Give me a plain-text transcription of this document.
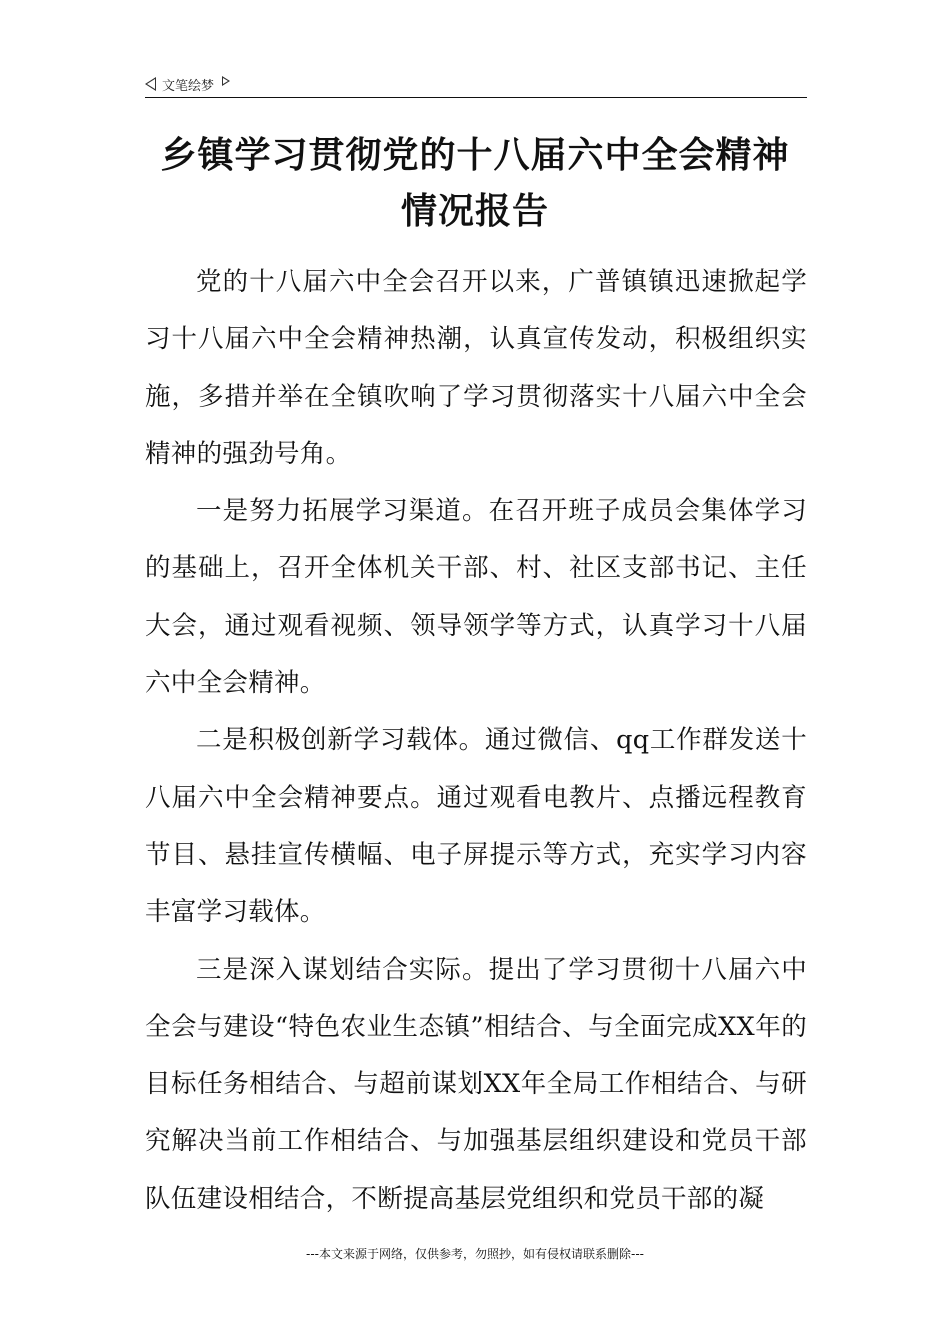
文笔绘梦
乡镇学习贯彻党的十八届六中全会精神
情况报告

党的十八届六中全会召开以来，广普镇镇迅速掀起学习十八届六中全会精神热潮，认真宣传发动，积极组织实施，多措并举在全镇吹响了学习贯彻落实十八届六中全会精神的强劲号角。

一是努力拓展学习渠道。在召开班子成员会集体学习的基础上，召开全体机关干部、村、社区支部书记、主任大会，通过观看视频、领导领学等方式，认真学习十八届六中全会精神。

二是积极创新学习载体。通过微信、qq工作群发送十八届六中全会精神要点。通过观看电教片、点播远程教育节目、悬挂宣传横幅、电子屏提示等方式，充实学习内容丰富学习载体。

三是深入谋划结合实际。提出了学习贯彻十八届六中全会与建设“特色农业生态镇”相结合、与全面完成XX年的目标任务相结合、与超前谋划XX年全局工作相结合、与研究解决当前工作相结合、与加强基层组织建设和党员干部队伍建设相结合，不断提高基层党组织和党员干部的凝

---本文来源于网络，仅供参考，勿照抄，如有侵权请联系删除---
